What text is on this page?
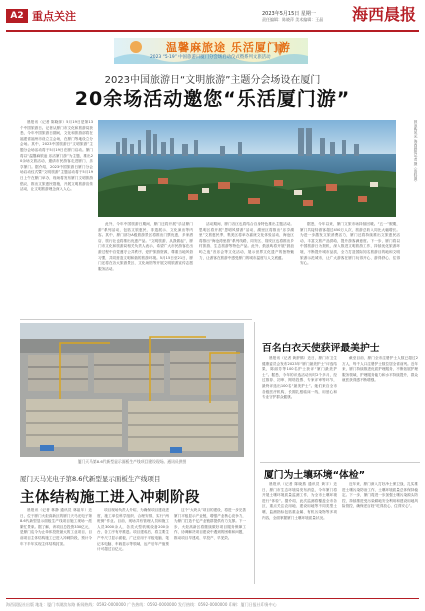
A2 重点关注	2023年5月15日 星期一
责任编辑：陈晓萍 美术编辑：王晶 海西晨报
温馨麻旅途 乐活厦门游
2023 “5·19” 中国旅游日厦门分会场启动仪式暨系列文旅活动
2023中国旅游日“文明旅游”主题分会场设在厦门
20余场活动邀您“乐活厦门游”
晨报讯（记者 陈晓萍）5月19日是第13个中国旅游日。记者从厦门市文化和旅游局获悉，今年中国旅游日期间，文化和旅游部将在福建省福州市设立主会场，在厦门等地设立分会场。其中，2023中国旅游日“文明旅游”主题分会场活动将于5月19日在厦门启动。厦门将以“温馨麻旅途 乐活厦门游”为主题，推出20余场文旅活动，邀请市民游客走进厦门、乐享厦门。据介绍，2023中国旅游日厦门分会场启动仪式暨“文明旅游”主题活动将于5月19日上午在厦门举办，现场将发布厦门文明旅游倡议，推出文旅惠民措施，开展文明旅游宣传活动，让文明旅游理念深入人心。
鼓浪屿风光 海西晨报记者 摄（资料图）
此外，今年中国旅游日期间，厦门还将开展“乐活厦门游”系列活动，包括文旅惠民、非遗展示、文化演出等内容。其中，厦门部分A级旅游景区将推出门票优惠，多家酒店、旅行社也将推出优惠产品。“文明旅游，从我做起”，厦门市文化和旅游局相关负责人表示，希望广大市民游客在出游过程中自觉遵守公共秩序，爱护旅游资源，尊重当地风俗习惯，共同营造文明和谐的旅游环境。5月15日至21日，厦门还将在各大旅游景区、文化场馆等开展文明旅游宣传志愿服务活动。
活动期间，厦门各区也将结合自身特色推出主题活动。思明区将开展“思明风情游”活动，湖里区将推出“乐享湖里”文旅惠民季，集美区将举办嘉庚文化体验活动，海沧区将推出“海沧湾里游”系列线路，同安区、翔安区也将推出乡村旅游、生态旅游等特色产品。此外，鼓浪屿将开展“鼓浪屿之夜”音乐会等文化活动，展示世界文化遗产的独特魅力，让游客在旅游中感受厦门的城市温度与人文底蕴。
据悉，今年以来，厦门文旅市场持续回暖。“五一”假期，厦门共接待游客超过450万人次，旅游总收入同比大幅增长。为进一步激发文旅消费活力，厦门还将持续推出文旅惠民活动，丰富文旅产品供给，提升游客满意度。下一步，厦门将以中国旅游日为契机，深入推进文明旅游工作，持续优化旅游环境，不断提升城市品质，全力打造国际知名旅游目的地和文明旅游示范城市，让广大游客在厦门玩得开心、游得舒心、住得安心。
厦门天马第8.6代新型显示面板生产线项目建设现场。通讯员供图
厦门天马光电子第8.6代新型显示面板生产线项目
主体结构施工进入冲刺阶段
晨报讯（记者 林静 通讯员 林祖年）近日，位于厦门火炬高新区的厦门天马光电子第8.6代新型显示面板生产线项目施工现场一派繁忙景象。据了解，该项目总投资330亿元，是厦门迄今为止单体投资最大的工业项目，目前项目主体结构施工已进入冲刺阶段，预计今年下半年实现主体结构封顶。
项目现场负责人介绍，为确保项目建设进度，施工单位科学组织、合理安排，实行“两班倒”作业。目前，现场共有管理人员和施工人员3000余人，各类大型机械设备200余台，各工序有序推进。项目建成后，将主要生产中尺寸显示面板，广泛应用于平板电脑、笔记本电脑、车载显示等领域，达产后年产值预计可超过百亿元。
这个“大块头”项目的建设，将进一步完善厦门平板显示产业链，增强产业核心竞争力，为厦门打造千亿产业链群提供有力支撑。下一步，火炬高新区将继续做好项目服务保障工作，协调解决项目建设中遇到的困难和问题，推动项目早建成、早投产、早见效。
百名白衣天使获评最美护士
晨报讯（记者 黄舒鹤）近日，厦门市卫生健康委员会发布2023年“厦门最美护士”评选结果，陈丽芳等100名护士获评“厦门最美护士”。据悉，今年的评选活动历时2个多月，经过推荐、初审、网络投票、专家评审等环节，最终评选出100名“最美护士”。她们来自全市各级医疗机构，长期扎根临床一线，用爱心和专业守护群众健康。
截至目前，厦门全市注册护士人数已超过2万人，每千人口注册护士数位居全省前列。近年来，厦门持续推进优质护理服务，不断拓展护理服务领域，护理服务能力和水平持续提升，群众就医获得感不断增强。
厦门为土壤环境“体检”
晨报讯（记者 陈晓燕 通讯员 黄宇）近日，厦门市生态环境局发布消息，今年厦门将开展土壤环境质量监测工作，为全市土壤环境进行“体检”。据介绍，此次监测将覆盖全市各区，重点关注农用地、建设用地等不同类型土壤，监测指标包括重金属、有机污染物等多项内容，全面掌握厦门土壤环境质量状况。
近年来，厦门深入打好净土保卫战，扎实推进土壤污染防治工作，土壤环境质量总体保持稳定。下一步，厦门将进一步加强土壤污染源头防控，持续推进受污染耕地安全利用和建设用地风险管控，确保老百姓“吃得放心、住得安心”。
海西晨报社出版 地址：厦门市湖滨东路 新闻热线：0592-0000000 广告热线：0592-0000000 发行热线：0592-0000000 印刷：厦门日报社印务中心
